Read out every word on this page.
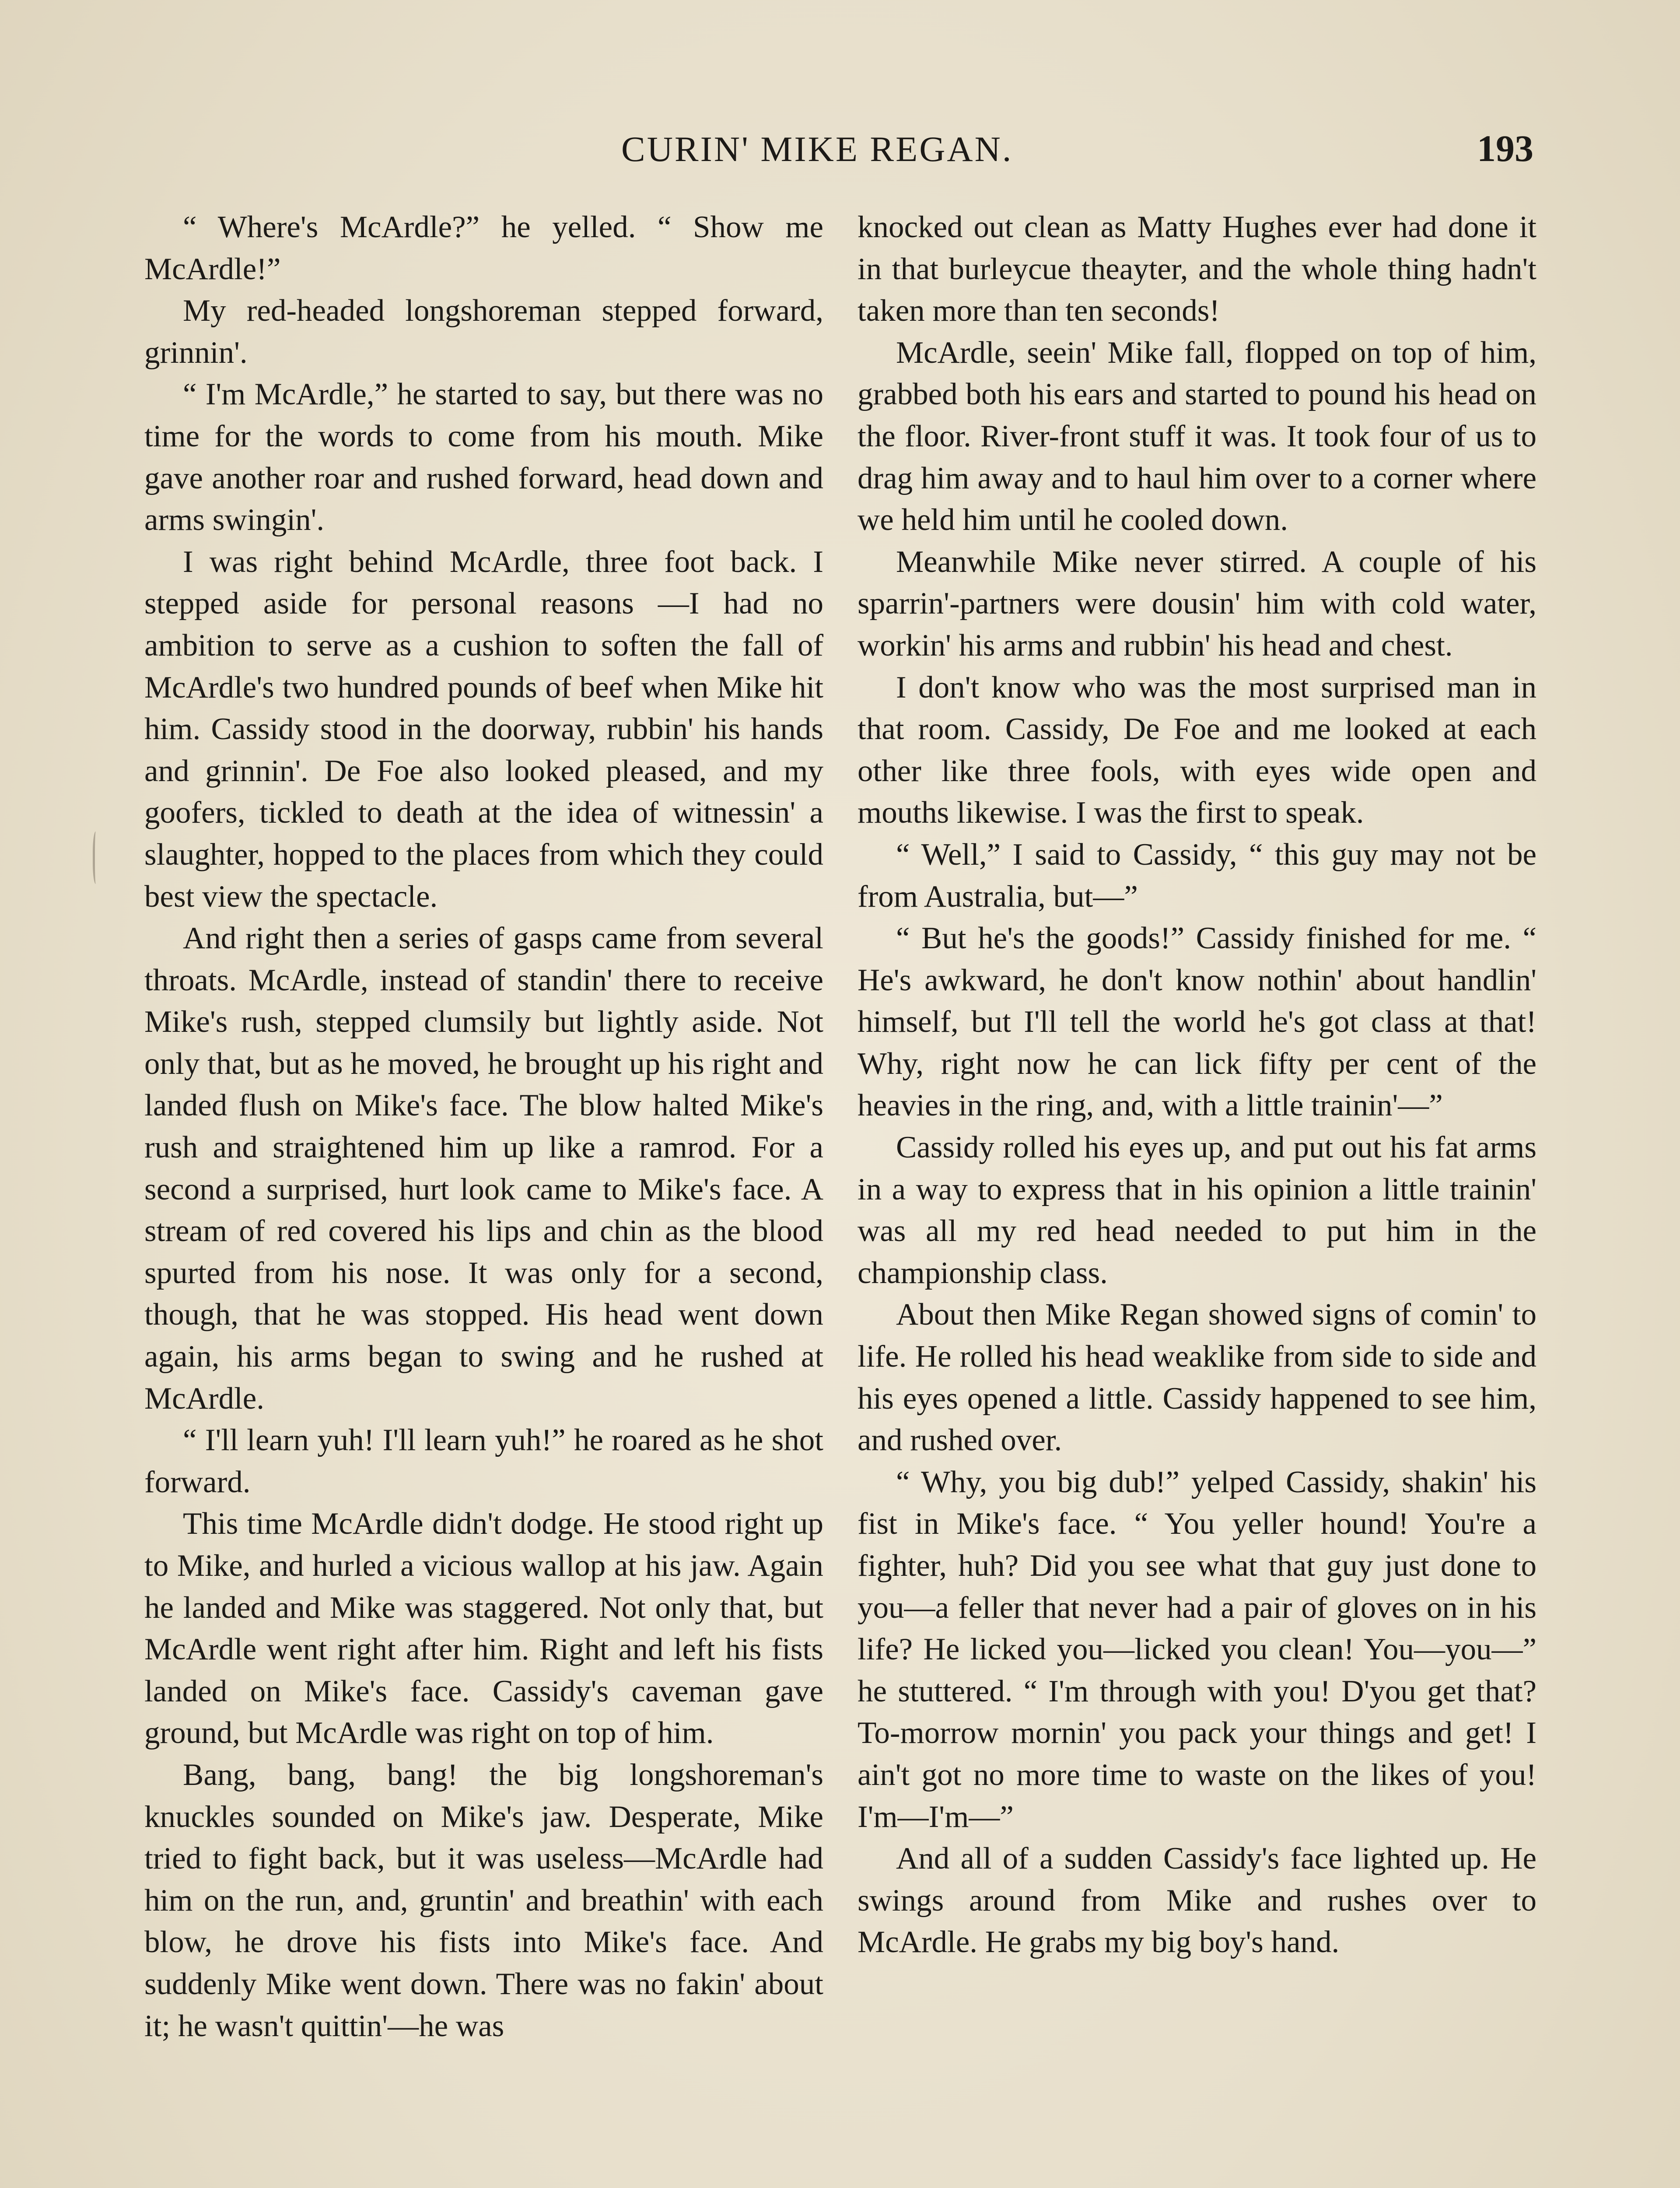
CURIN' MIKE REGAN.	193

“ Where's McArdle?” he yelled. “ Show me McArdle!”

My red-headed longshoreman stepped forward, grinnin'.

“ I'm McArdle,” he started to say, but there was no time for the words to come from his mouth. Mike gave another roar and rushed forward, head down and arms swingin'.

I was right behind McArdle, three foot back. I stepped aside for personal reasons —I had no ambition to serve as a cushion to soften the fall of McArdle's two hundred pounds of beef when Mike hit him. Cassidy stood in the doorway, rubbin' his hands and grinnin'. De Foe also looked pleased, and my goofers, tickled to death at the idea of witnessin' a slaughter, hopped to the places from which they could best view the spectacle.

And right then a series of gasps came from several throats. McArdle, instead of standin' there to receive Mike's rush, stepped clumsily but lightly aside. Not only that, but as he moved, he brought up his right and landed flush on Mike's face. The blow halted Mike's rush and straightened him up like a ramrod. For a second a surprised, hurt look came to Mike's face. A stream of red covered his lips and chin as the blood spurted from his nose. It was only for a second, though, that he was stopped. His head went down again, his arms began to swing and he rushed at McArdle.

“ I'll learn yuh! I'll learn yuh!” he roared as he shot forward.

This time McArdle didn't dodge. He stood right up to Mike, and hurled a vicious wallop at his jaw. Again he landed and Mike was staggered. Not only that, but McArdle went right after him. Right and left his fists landed on Mike's face. Cassidy's caveman gave ground, but McArdle was right on top of him.

Bang, bang, bang! the big longshoreman's knuckles sounded on Mike's jaw. Desperate, Mike tried to fight back, but it was useless—McArdle had him on the run, and, gruntin' and breathin' with each blow, he drove his fists into Mike's face. And suddenly Mike went down. There was no fakin' about it; he wasn't quittin'—he was

knocked out clean as Matty Hughes ever had done it in that burleycue theayter, and the whole thing hadn't taken more than ten seconds!

McArdle, seein' Mike fall, flopped on top of him, grabbed both his ears and started to pound his head on the floor. River-front stuff it was. It took four of us to drag him away and to haul him over to a corner where we held him until he cooled down.

Meanwhile Mike never stirred. A couple of his sparrin'-partners were dousin' him with cold water, workin' his arms and rubbin' his head and chest.

I don't know who was the most surprised man in that room. Cassidy, De Foe and me looked at each other like three fools, with eyes wide open and mouths likewise. I was the first to speak.

“ Well,” I said to Cassidy, “ this guy may not be from Australia, but—”

“ But he's the goods!” Cassidy finished for me. “ He's awkward, he don't know nothin' about handlin' himself, but I'll tell the world he's got class at that! Why, right now he can lick fifty per cent of the heavies in the ring, and, with a little trainin'—”

Cassidy rolled his eyes up, and put out his fat arms in a way to express that in his opinion a little trainin' was all my red head needed to put him in the championship class.

About then Mike Regan showed signs of comin' to life. He rolled his head weaklike from side to side and his eyes opened a little. Cassidy happened to see him, and rushed over.

“ Why, you big dub!” yelped Cassidy, shakin' his fist in Mike's face. “ You yeller hound! You're a fighter, huh? Did you see what that guy just done to you—a feller that never had a pair of gloves on in his life? He licked you—licked you clean! You—you—” he stuttered. “ I'm through with you! D'you get that? To-morrow mornin' you pack your things and get! I ain't got no more time to waste on the likes of you! I'm—I'm—”

And all of a sudden Cassidy's face lighted up. He swings around from Mike and rushes over to McArdle. He grabs my big boy's hand.
